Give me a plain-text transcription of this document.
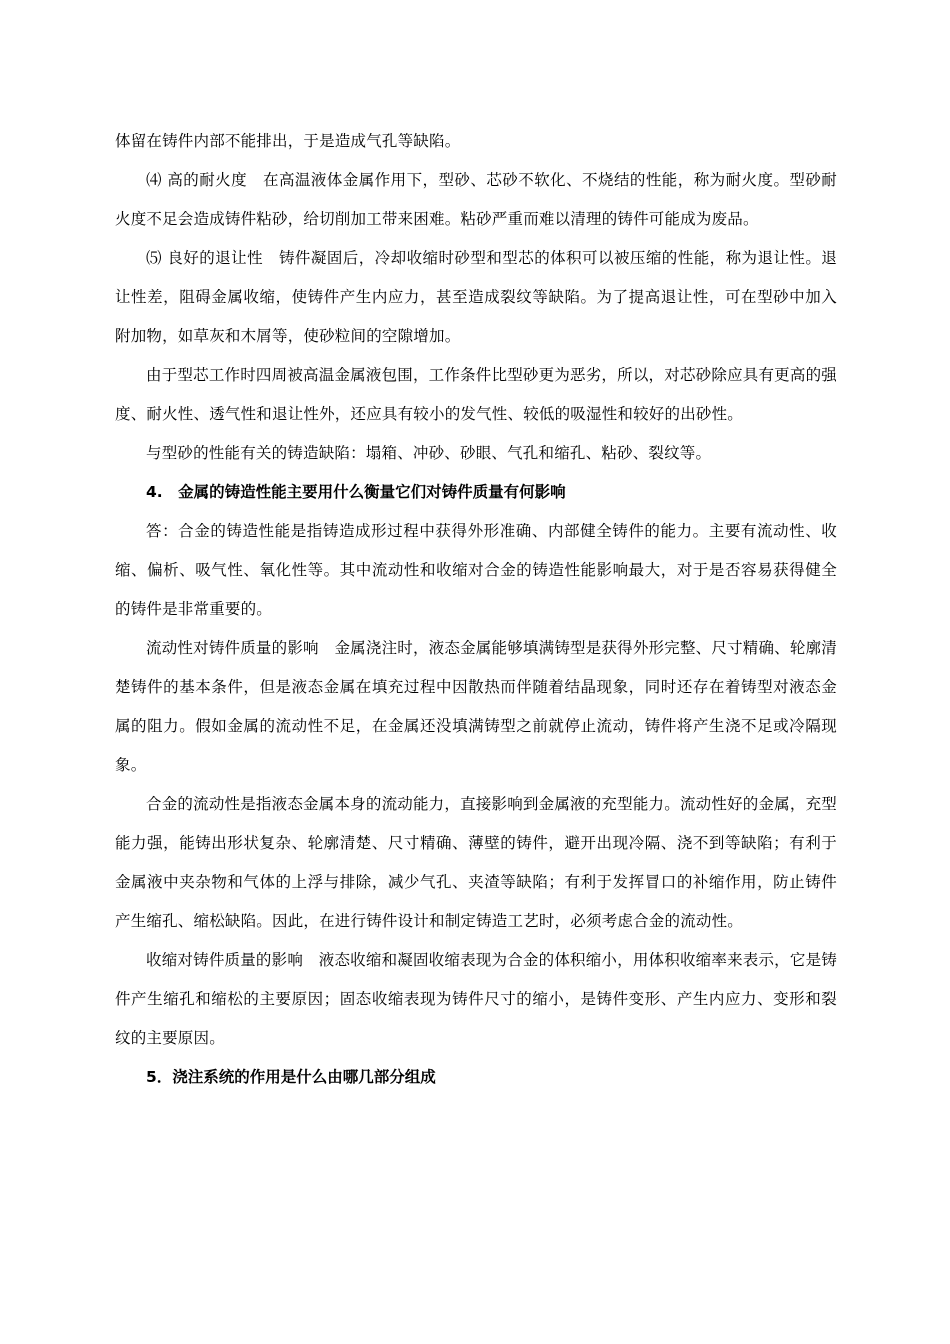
体留在铸件内部不能排出，于是造成气孔等缺陷。

⑷ 高的耐火度　在高温液体金属作用下，型砂、芯砂不软化、不烧结的性能，称为耐火度。型砂耐火度不足会造成铸件粘砂，给切削加工带来困难。粘砂严重而难以清理的铸件可能成为废品。

⑸ 良好的退让性　铸件凝固后，冷却收缩时砂型和型芯的体积可以被压缩的性能，称为退让性。退让性差，阻碍金属收缩，使铸件产生内应力，甚至造成裂纹等缺陷。为了提高退让性，可在型砂中加入附加物，如草灰和木屑等，使砂粒间的空隙增加。

由于型芯工作时四周被高温金属液包围，工作条件比型砂更为恶劣，所以，对芯砂除应具有更高的强度、耐火性、透气性和退让性外，还应具有较小的发气性、较低的吸湿性和较好的出砂性。

与型砂的性能有关的铸造缺陷：塌箱、冲砂、砂眼、气孔和缩孔、粘砂、裂纹等。

4.　金属的铸造性能主要用什么衡量它们对铸件质量有何影响

答：合金的铸造性能是指铸造成形过程中获得外形准确、内部健全铸件的能力。主要有流动性、收缩、偏析、吸气性、氧化性等。其中流动性和收缩对合金的铸造性能影响最大，对于是否容易获得健全的铸件是非常重要的。

流动性对铸件质量的影响　金属浇注时，液态金属能够填满铸型是获得外形完整、尺寸精确、轮廓清楚铸件的基本条件，但是液态金属在填充过程中因散热而伴随着结晶现象，同时还存在着铸型对液态金属的阻力。假如金属的流动性不足，在金属还没填满铸型之前就停止流动，铸件将产生浇不足或冷隔现象。

合金的流动性是指液态金属本身的流动能力，直接影响到金属液的充型能力。流动性好的金属，充型能力强，能铸出形状复杂、轮廓清楚、尺寸精确、薄壁的铸件，避开出现冷隔、浇不到等缺陷；有利于金属液中夹杂物和气体的上浮与排除，减少气孔、夹渣等缺陷；有利于发挥冒口的补缩作用，防止铸件产生缩孔、缩松缺陷。因此，在进行铸件设计和制定铸造工艺时，必须考虑合金的流动性。

收缩对铸件质量的影响　液态收缩和凝固收缩表现为合金的体积缩小，用体积收缩率来表示，它是铸件产生缩孔和缩松的主要原因；固态收缩表现为铸件尺寸的缩小，是铸件变形、产生内应力、变形和裂纹的主要原因。

5．浇注系统的作用是什么由哪几部分组成
